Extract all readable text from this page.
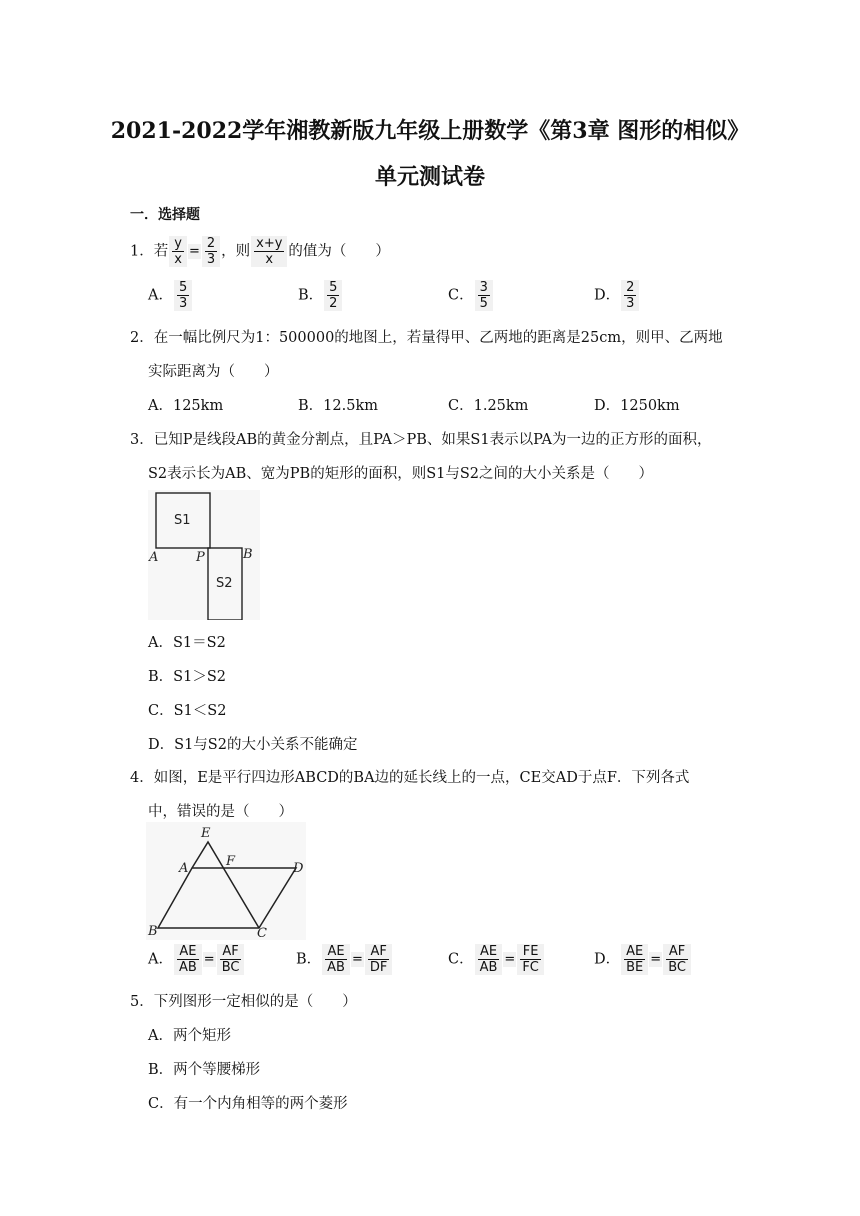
2021-2022学年湘教新版九年级上册数学《第3章 图形的相似》
单元测试卷
一．选择题
1．若 $\frac{y}{x} = \frac{2}{3}$ ，则 $\frac{x+y}{x}$ 的值为（　　）
A． $\frac{5}{3}$	B． $\frac{5}{2}$	C． $\frac{3}{5}$	D． $\frac{2}{3}$
2．在一幅比例尺为1：500000的地图上，若量得甲、乙两地的距离是25cm，则甲、乙两地
实际距离为（　　）
A．125km	B．12.5km	C．1.25km	D．1250km
3．已知P是线段AB的黄金分割点，且PA＞PB、如果S1表示以PA为一边的正方形的面积，
S2表示长为AB、宽为PB的矩形的面积，则S1与S2之间的大小关系是（　　）
S1
S2
A	P	B
A．S1＝S2
B．S1＞S2
C．S1＜S2
D．S1与S2的大小关系不能确定
4．如图，E是平行四边形ABCD的BA边的延长线上的一点，CE交AD于点F．下列各式
中，错误的是（　　）
E
A	F	D
B	C
A． $\frac{AE}{AB} = \frac{AF}{BC}$	B． $\frac{AE}{AB} = \frac{AF}{DF}$	C． $\frac{AE}{AB} = \frac{FE}{FC}$	D． $\frac{AE}{BE} = \frac{AF}{BC}$
5．下列图形一定相似的是（　　）
A．两个矩形
B．两个等腰梯形
C．有一个内角相等的两个菱形
